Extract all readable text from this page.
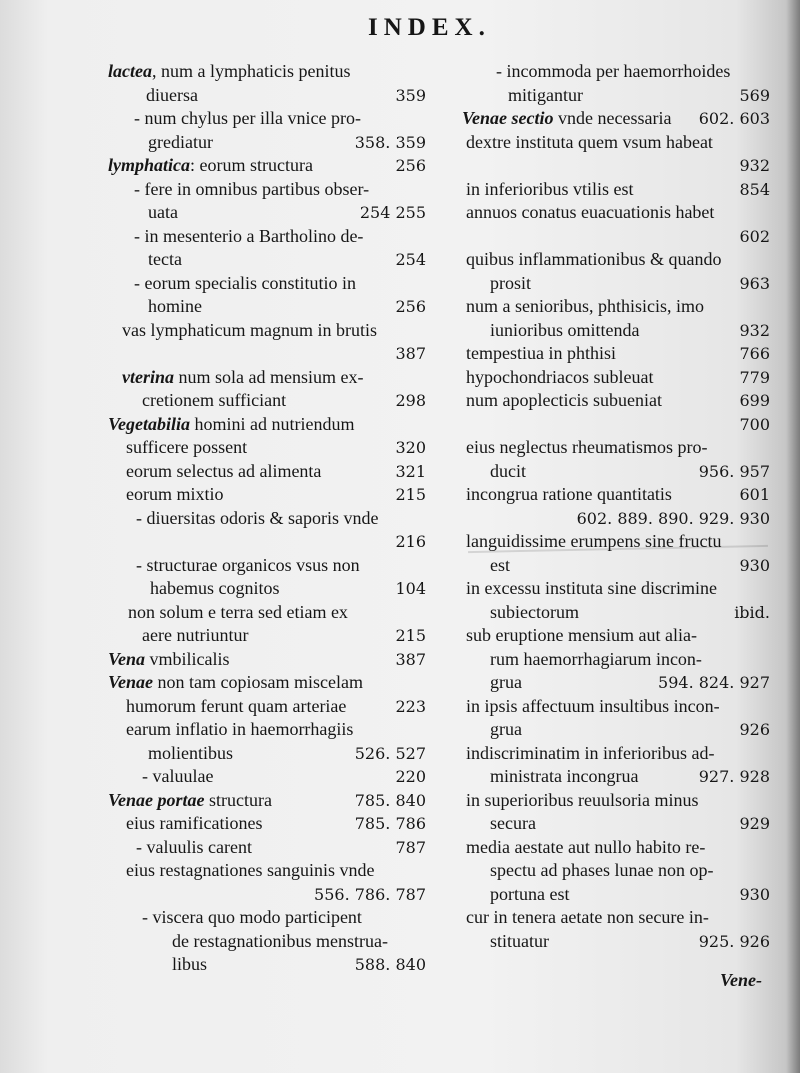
INDEX.
lactea, num a lymphaticis penitus
diuersa	359
- num chylus per illa vnice pro-
grediatur	358. 359
lymphatica: eorum structura	256
- fere in omnibus partibus obser-
uata	254 255
- in mesenterio a Bartholino de-
tecta	254
- eorum specialis constitutio in
homine	256
vas lymphaticum magnum in brutis
387
vterina num sola ad mensium ex-
cretionem sufficiant	298
Vegetabilia homini ad nutriendum
sufficere possent	320
eorum selectus ad alimenta	321
eorum mixtio	215
- diuersitas odoris & saporis vnde
216
- structurae organicos vsus non
habemus cognitos	104
non solum e terra sed etiam ex
aere nutriuntur	215
Vena vmbilicalis	387
Venae non tam copiosam miscelam
humorum ferunt quam arteriae	223
earum inflatio in haemorrhagiis
molientibus	526. 527
- valuulae	220
Venae portae structura	785. 840
eius ramificationes	785. 786
- valuulis carent	787
eius restagnationes sanguinis vnde
556. 786. 787
- viscera quo modo participent
de restagnationibus menstrua-
libus	588. 840
- incommoda per haemorrhoides
mitigantur	569
Venae sectio vnde necessaria 602. 603
dextre instituta quem vsum habeat
932
in inferioribus vtilis est	854
annuos conatus euacuationis habet
602
quibus inflammationibus & quando
prosit	963
num a senioribus, phthisicis, imo
iunioribus omittenda	932
tempestiua in phthisi	766
hypochondriacos subleuat	779
num apoplecticis subueniat	699
700
eius neglectus rheumatismos pro-
ducit	956. 957
incongrua ratione quantitatis	601
602. 889. 890. 929. 930
languidissime erumpens sine fructu
est	930
in excessu instituta sine discrimine
subiectorum	ibid.
sub eruptione mensium aut alia-
rum haemorrhagiarum incon-
grua	594. 824. 927
in ipsis affectuum insultibus incon-
grua	926
indiscriminatim in inferioribus ad-
ministrata incongrua	927. 928
in superioribus reuulsoria minus
secura	929
media aestate aut nullo habito re-
spectu ad phases lunae non op-
portuna est	930
cur in tenera aetate non secure in-
stituatur	925. 926
Vene-
